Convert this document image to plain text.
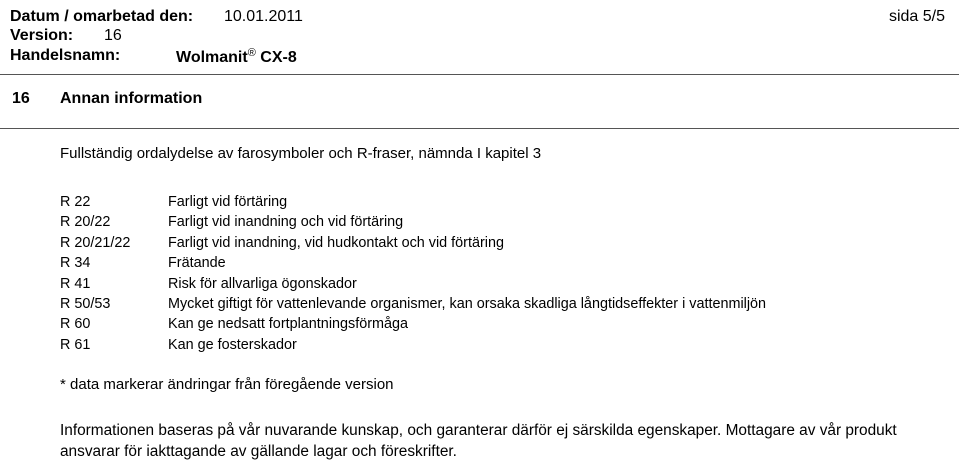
Datum / omarbetad den: 10.01.2011	sida 5/5
Version: 16
Handelsnamn:	Wolmanit® CX-8
16 Annan information
Fullständig ordalydelse av farosymboler och R-fraser, nämnda I kapitel 3
R 22	Farligt vid förtäring
R 20/22	Farligt vid inandning och vid förtäring
R 20/21/22	Farligt vid inandning, vid hudkontakt och vid förtäring
R 34	Frätande
R 41	Risk för allvarliga ögonskador
R 50/53	Mycket giftigt för vattenlevande organismer, kan orsaka skadliga långtidseffekter i vattenmiljön
R 60	Kan ge nedsatt fortplantningsförmåga
R 61	Kan ge fosterskador
* data markerar ändringar från föregående version
Informationen baseras på vår nuvarande kunskap, och garanterar därför ej särskilda egenskaper. Mottagare av vår produkt ansvarar för iakttagande av gällande lagar och föreskrifter.
